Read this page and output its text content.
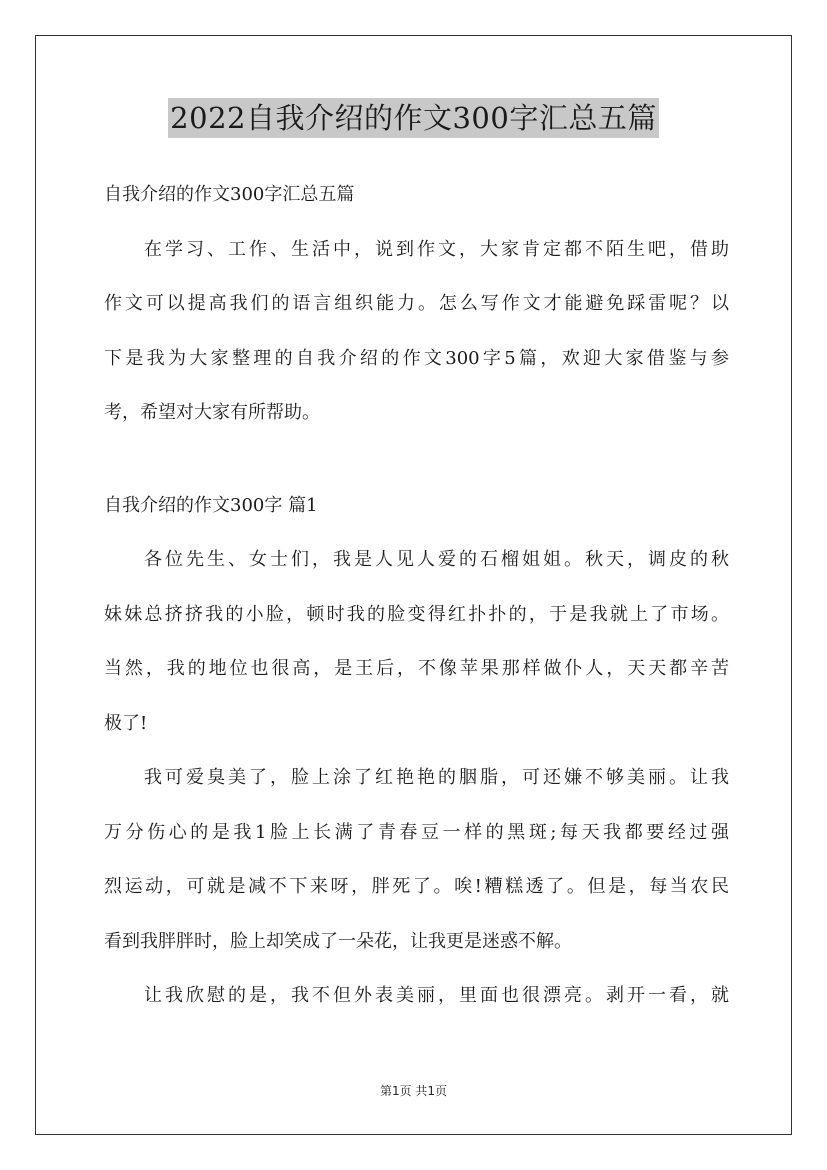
2022自我介绍的作文300字汇总五篇
自我介绍的作文300字汇总五篇
在学习、工作、生活中，说到作文，大家肯定都不陌生吧，借助
作文可以提高我们的语言组织能力。怎么写作文才能避免踩雷呢？以
下是我为大家整理的自我介绍的作文300字5篇，欢迎大家借鉴与参
考，希望对大家有所帮助。
自我介绍的作文300字 篇1
各位先生、女士们，我是人见人爱的石榴姐姐。秋天，调皮的秋
妹妹总挤挤我的小脸，顿时我的脸变得红扑扑的，于是我就上了市场。
当然，我的地位也很高，是王后，不像苹果那样做仆人，天天都辛苦
极了!
我可爱臭美了，脸上涂了红艳艳的胭脂，可还嫌不够美丽。让我
万分伤心的是我1脸上长满了青春豆一样的黑斑;每天我都要经过强
烈运动，可就是减不下来呀，胖死了。唉!糟糕透了。但是，每当农民
看到我胖胖时，脸上却笑成了一朵花，让我更是迷惑不解。
让我欣慰的是，我不但外表美丽，里面也很漂亮。剥开一看，就
第1页 共1页
